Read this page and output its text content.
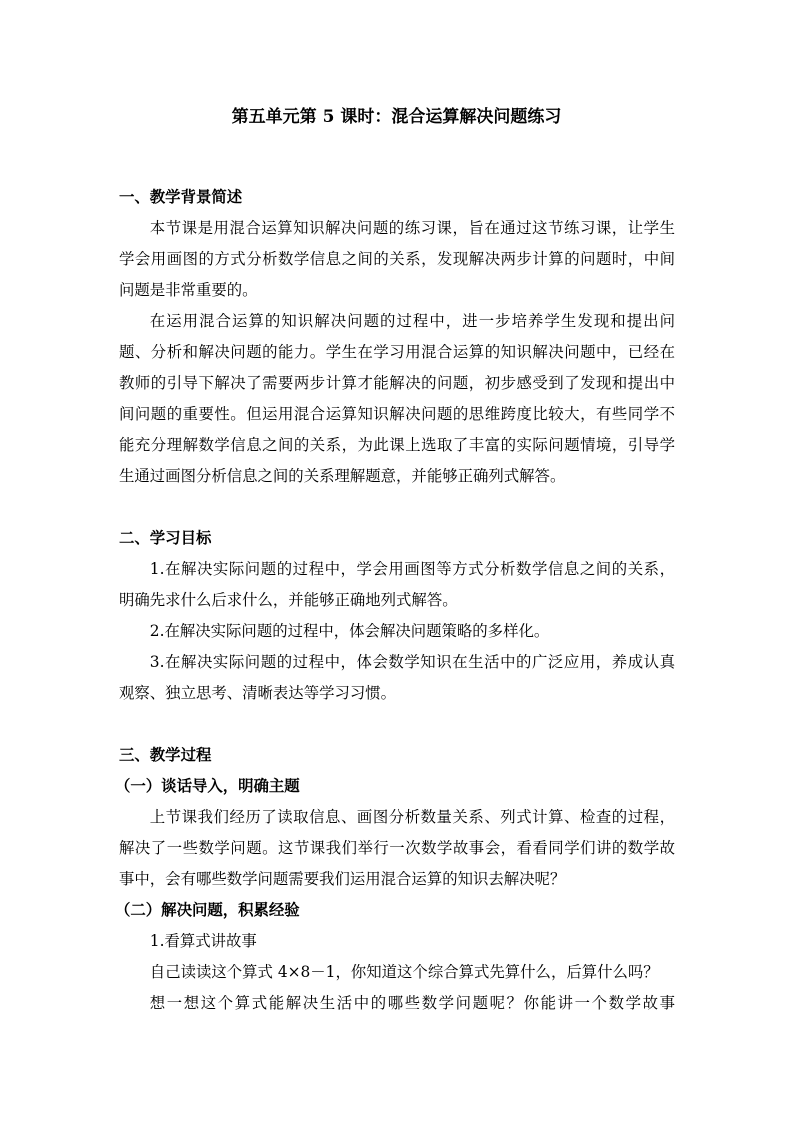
第五单元第 5 课时：混合运算解决问题练习
一、教学背景简述
本节课是用混合运算知识解决问题的练习课，旨在通过这节练习课，让学生
学会用画图的方式分析数学信息之间的关系，发现解决两步计算的问题时，中间
问题是非常重要的。
在运用混合运算的知识解决问题的过程中，进一步培养学生发现和提出问
题、分析和解决问题的能力。学生在学习用混合运算的知识解决问题中，已经在
教师的引导下解决了需要两步计算才能解决的问题，初步感受到了发现和提出中
间问题的重要性。但运用混合运算知识解决问题的思维跨度比较大，有些同学不
能充分理解数学信息之间的关系，为此课上选取了丰富的实际问题情境，引导学
生通过画图分析信息之间的关系理解题意，并能够正确列式解答。
二、学习目标
1.在解决实际问题的过程中，学会用画图等方式分析数学信息之间的关系，
明确先求什么后求什么，并能够正确地列式解答。
2.在解决实际问题的过程中，体会解决问题策略的多样化。
3.在解决实际问题的过程中，体会数学知识在生活中的广泛应用，养成认真
观察、独立思考、清晰表达等学习习惯。
三、教学过程
（一）谈话导入，明确主题
上节课我们经历了读取信息、画图分析数量关系、列式计算、检查的过程，
解决了一些数学问题。这节课我们举行一次数学故事会，看看同学们讲的数学故
事中，会有哪些数学问题需要我们运用混合运算的知识去解决呢？
（二）解决问题，积累经验
1.看算式讲故事
自己读读这个算式 4×8－1，你知道这个综合算式先算什么，后算什么吗？
想一想这个算式能解决生活中的哪些数学问题呢？你能讲一个数学故事
